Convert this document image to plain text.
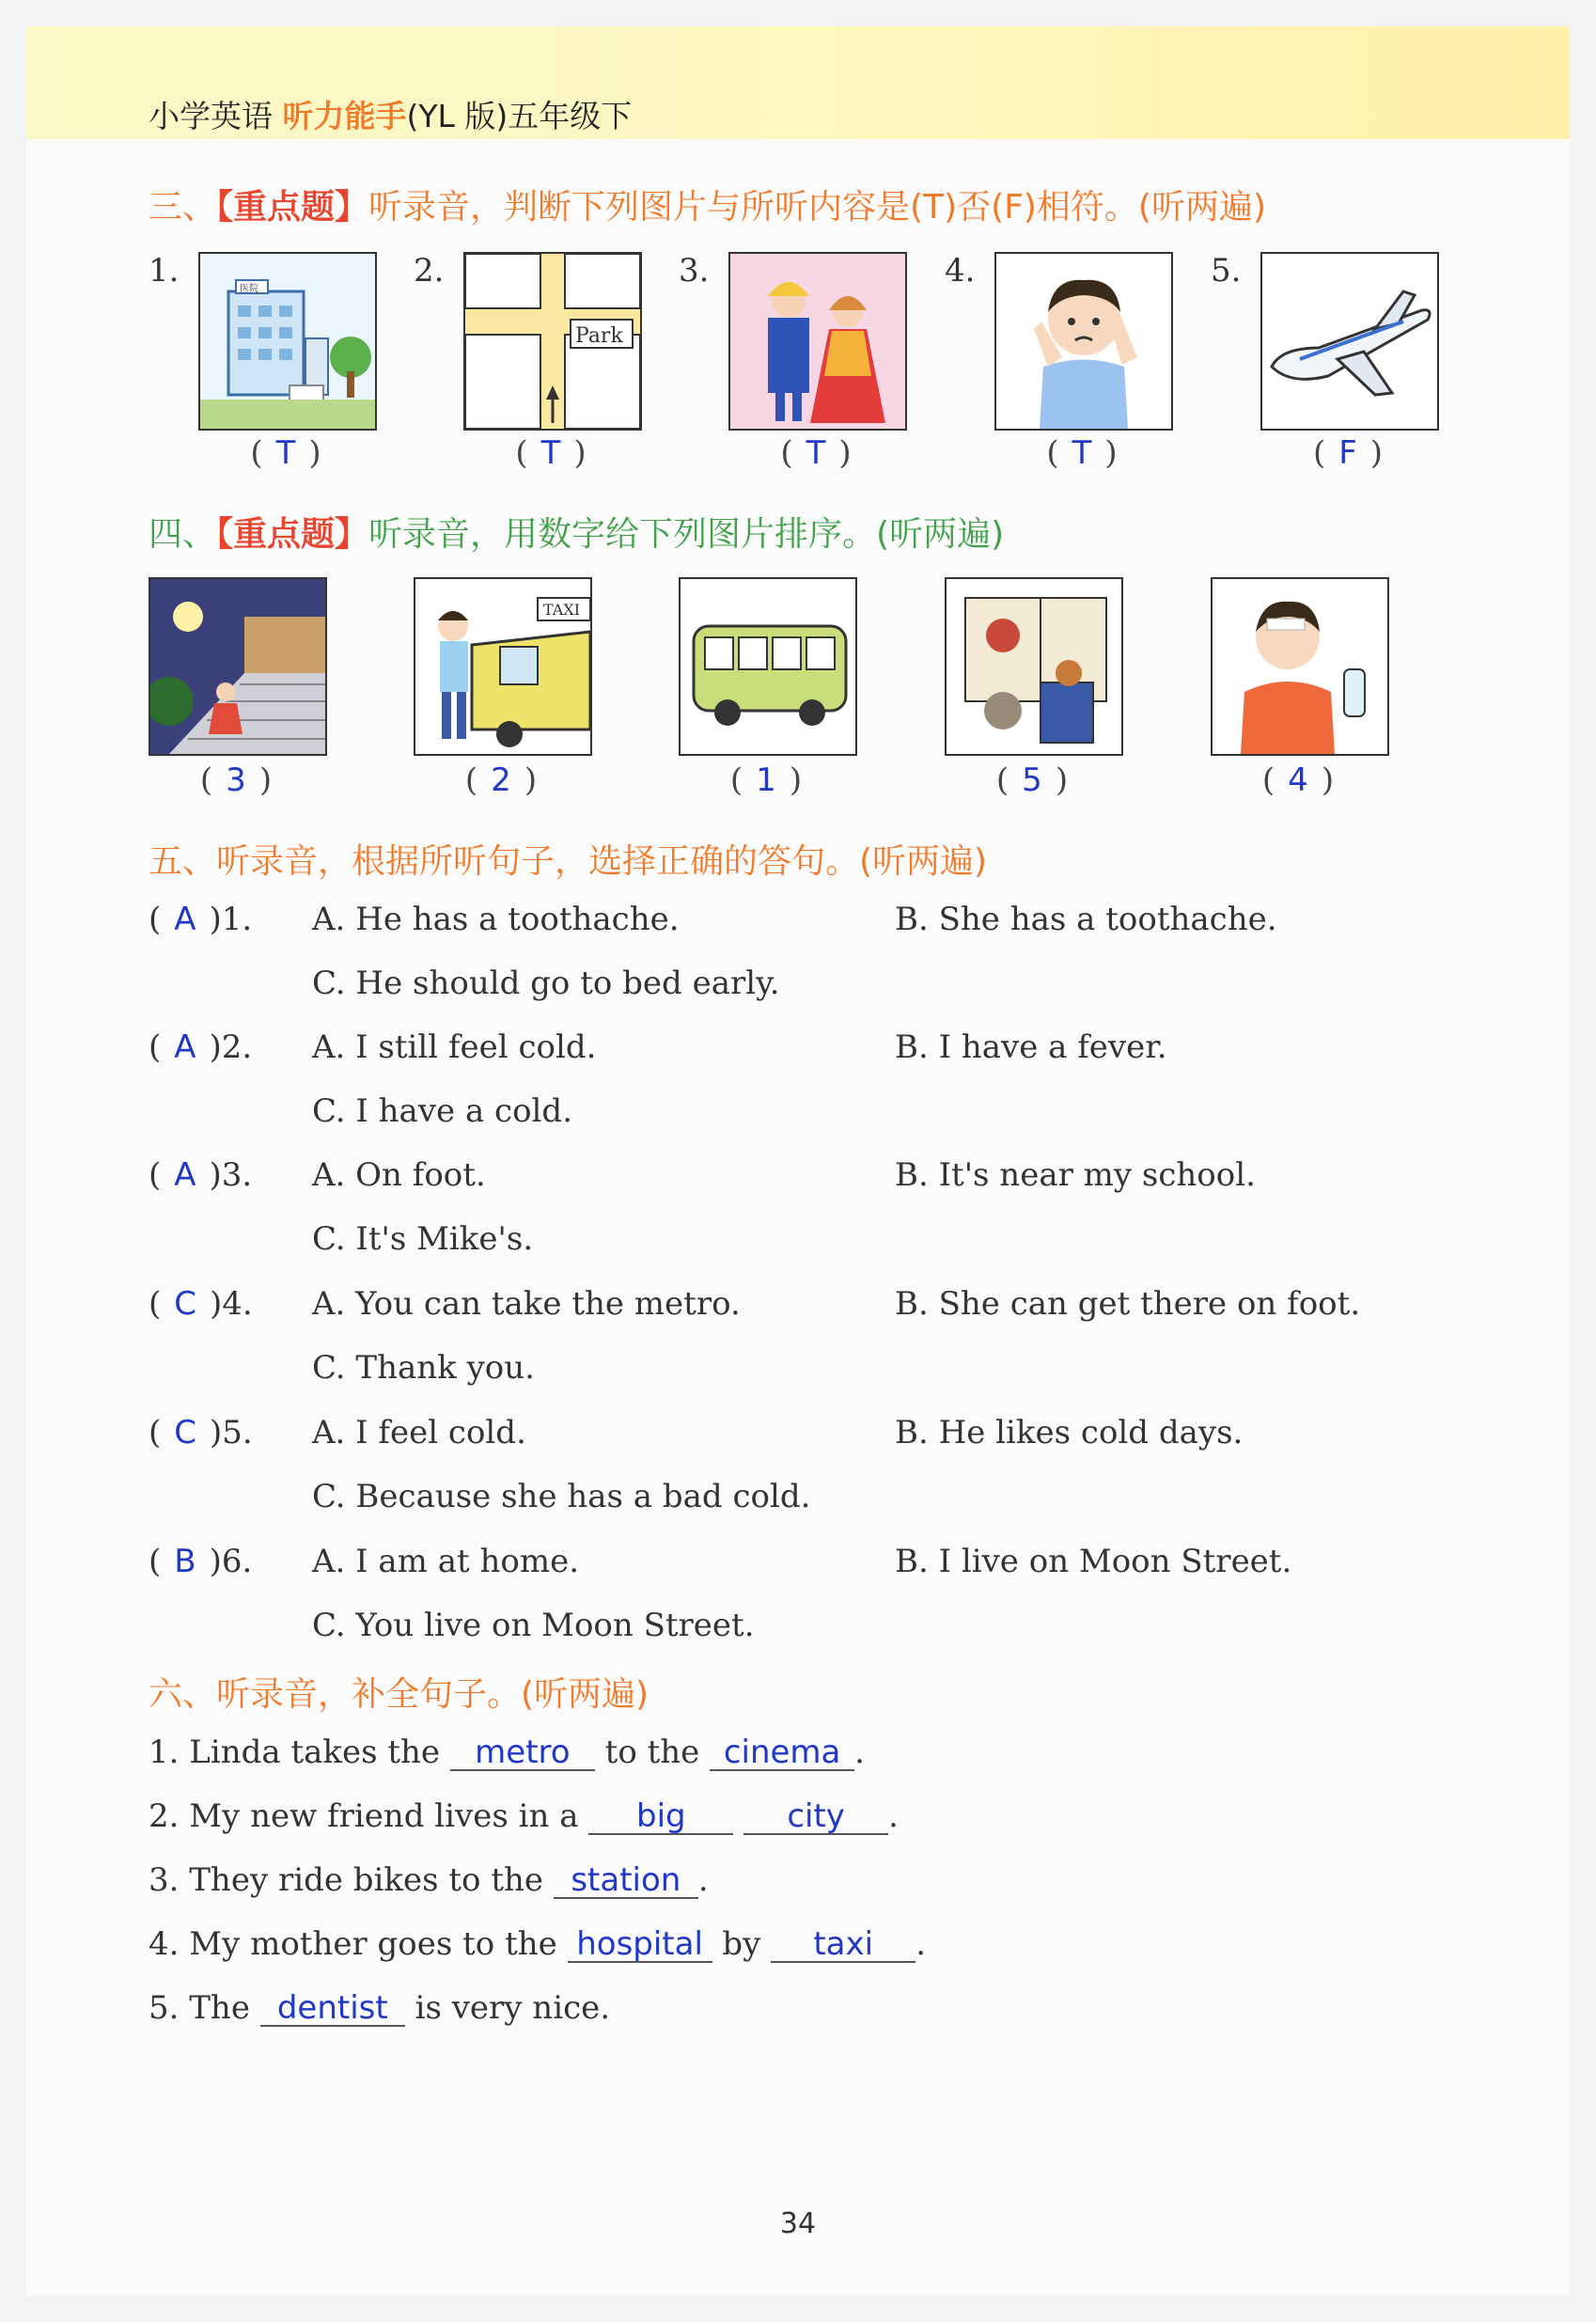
小学英语 听力能手(YL 版)五年级下
三、【重点题】听录音，判断下列图片与所听内容是(T)否(F)相符。(听两遍)
1.	医院
( T )
2.
Park
( T )
3.
( T )
4.
( T )
5.
( F )
四、【重点题】听录音，用数字给下列图片排序。(听两遍)
( 3 )
TAXI
( 2 )	( 1 )	( 5 )	( 4 )
五、听录音，根据所听句子，选择正确的答句。(听两遍)
( A )1. A. He has a toothache.	B. She has a toothache.
C. He should go to bed early.
( A )2. A. I still feel cold.	B. I have a fever.
C. I have a cold.
( A )3. A. On foot.	B. It's near my school.
C. It's Mike's.
( C )4. A. You can take the metro.	B. She can get there on foot.
C. Thank you.
( C )5. A. I feel cold.	B. He likes cold days.
C. Because she has a bad cold.
( B )6. A. I am at home.	B. I live on Moon Street.
C. You live on Moon Street.
六、听录音，补全句子。(听两遍)
1. Linda takes the metro to the cinema .
2. My new friend lives in a big	city .
3. They ride bikes to the station .
4. My mother goes to the hospital by taxi .
5. The dentist is very nice.
34
